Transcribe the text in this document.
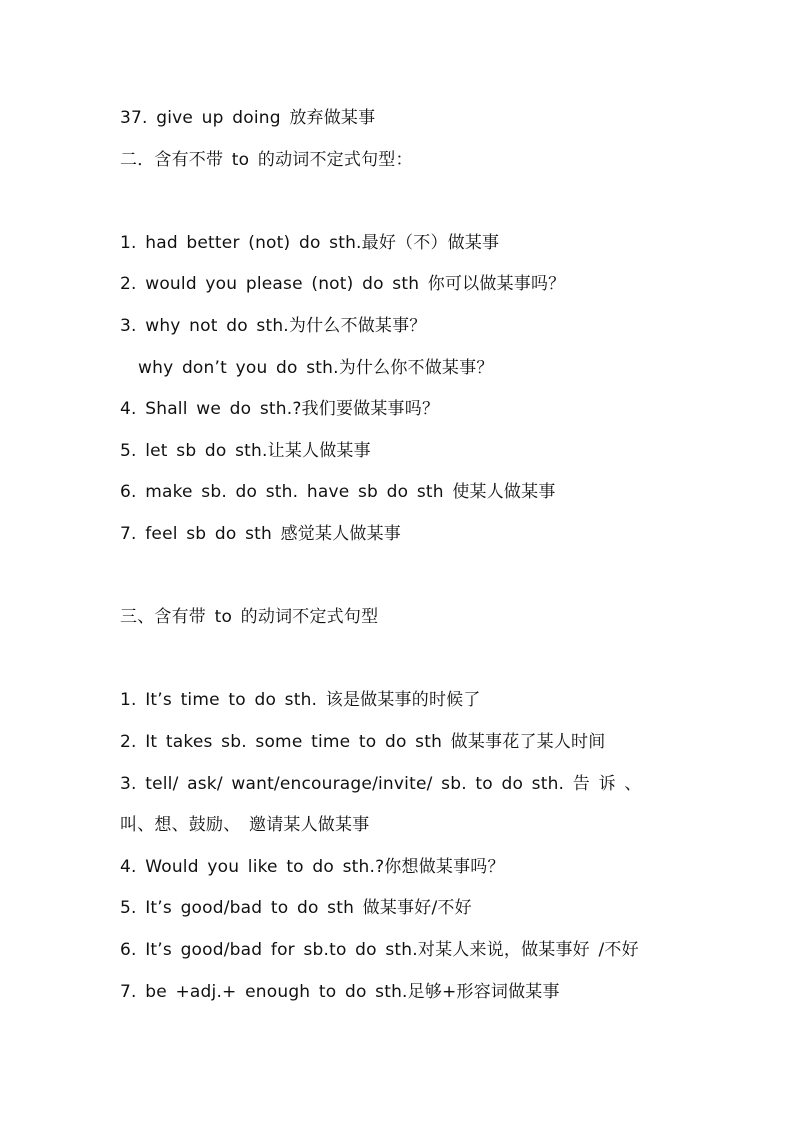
37. give up doing 放弃做某事
二．含有不带 to 的动词不定式句型：
1. had better (not) do sth.最好（不）做某事
2. would you please (not) do sth 你可以做某事吗？
3. why not do sth.为什么不做某事？
why don’t you do sth.为什么你不做某事？
4. Shall we do sth.?我们要做某事吗？
5. let sb do sth.让某人做某事
6. make sb. do sth. have sb do sth 使某人做某事
7. feel sb do sth 感觉某人做某事
三、含有带 to 的动词不定式句型
1. It’s time to do sth. 该是做某事的时候了
2. It takes sb. some time to do sth 做某事花了某人时间
3. tell/ ask/ want/encourage/invite/ sb. to do sth. 告 诉 、
叫、想、鼓励、 邀请某人做某事
4. Would you like to do sth.?你想做某事吗？
5. It’s good/bad to do sth 做某事好/不好
6. It’s good/bad for sb.to do sth.对某人来说，做某事好 /不好
7. be +adj.+ enough to do sth.足够+形容词做某事
